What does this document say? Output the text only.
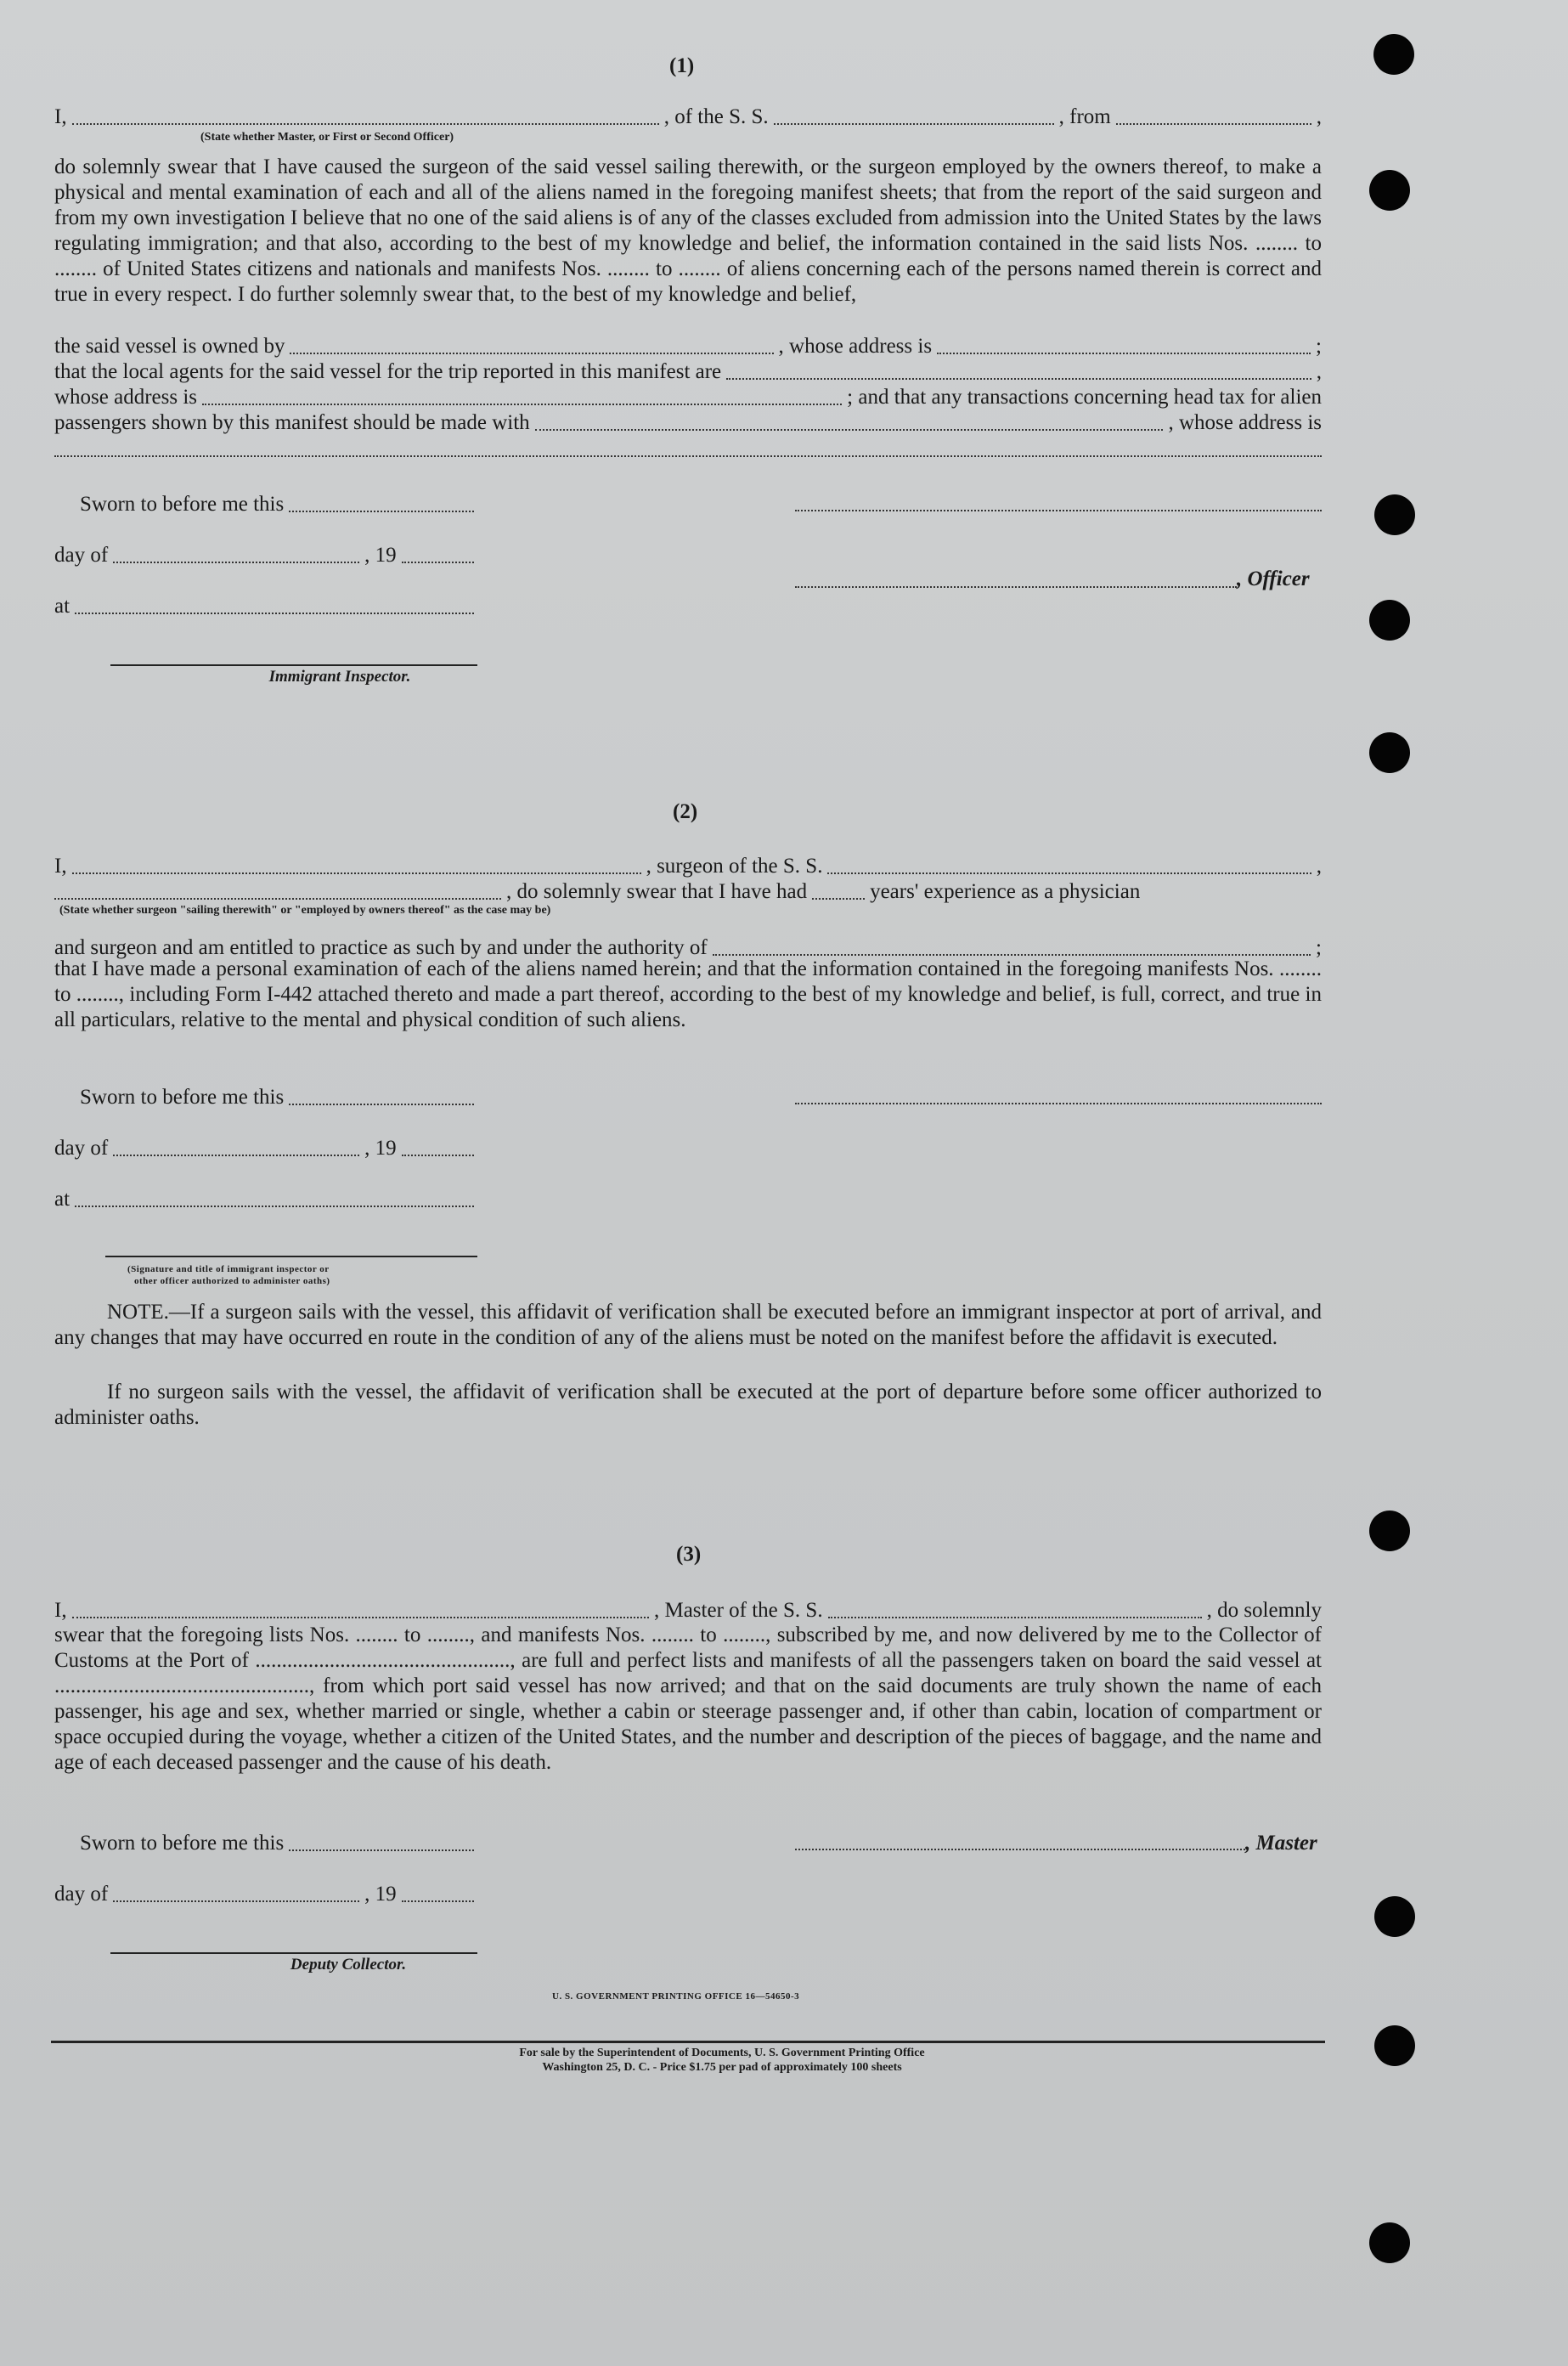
(1)
I,	, of the S. S.	, from	,
(State whether Master, or First or Second Officer)

do solemnly swear that I have caused the surgeon of the said vessel sailing therewith, or the surgeon employed by the owners thereof, to make a physical and mental examination of each and all of the aliens named in the foregoing manifest sheets; that from the report of the said surgeon and from my own investigation I believe that no one of the said aliens is of any of the classes excluded from admission into the United States by the laws regulating immigration; and that also, according to the best of my knowledge and belief, the information contained in the said lists Nos. ........ to ........ of United States citizens and nationals and manifests Nos. ........ to ........ of aliens concerning each of the persons named therein is correct and true in every respect. I do further solemnly swear that, to the best of my knowledge and belief,

the said vessel is owned by	, whose address is	;
that the local agents for the said vessel for the trip reported in this manifest are	,
whose address is	; and that any transactions concerning head tax for alien
passengers shown by this manifest should be made with	, whose address is
Sworn to before me this
day of	, 19
, Officer
at
Immigrant Inspector.
(2)
I,	, surgeon of the S. S.	,
, do solemnly swear that I have had	years' experience as a physician
(State whether surgeon "sailing therewith" or "employed by owners thereof" as the case may be)
and surgeon and am entitled to practice as such by and under the authority of	;

that I have made a personal examination of each of the aliens named herein; and that the information contained in the foregoing manifests Nos. ........ to ........, including Form I-442 attached thereto and made a part thereof, according to the best of my knowledge and belief, is full, correct, and true in all particulars, relative to the mental and physical condition of such aliens.

Sworn to before me this
day of	, 19
at
(Signature and title of immigrant inspector or
other officer authorized to administer oaths)

NOTE.—If a surgeon sails with the vessel, this affidavit of verification shall be executed before an immigrant inspector at port of arrival, and any changes that may have occurred en route in the condition of any of the aliens must be noted on the manifest before the affidavit is executed.

If no surgeon sails with the vessel, the affidavit of verification shall be executed at the port of departure before some officer authorized to administer oaths.

(3)
I,	, Master of the S. S.	, do solemnly

swear that the foregoing lists Nos. ........ to ........, and manifests Nos. ........ to ........, subscribed by me, and now delivered by me to the Collector of Customs at the Port of ................................................, are full and perfect lists and manifests of all the passengers taken on board the said vessel at ................................................, from which port said vessel has now arrived; and that on the said documents are truly shown the name of each passenger, his age and sex, whether married or single, whether a cabin or steerage passenger and, if other than cabin, location of compartment or space occupied during the voyage, whether a citizen of the United States, and the number and description of the pieces of baggage, and the name and age of each deceased passenger and the cause of his death.

Sworn to before me this	, Master
day of	, 19
Deputy Collector.
U. S. GOVERNMENT PRINTING OFFICE 16—54650-3
For sale by the Superintendent of Documents, U. S. Government Printing Office
Washington 25, D. C. - Price $1.75 per pad of approximately 100 sheets
